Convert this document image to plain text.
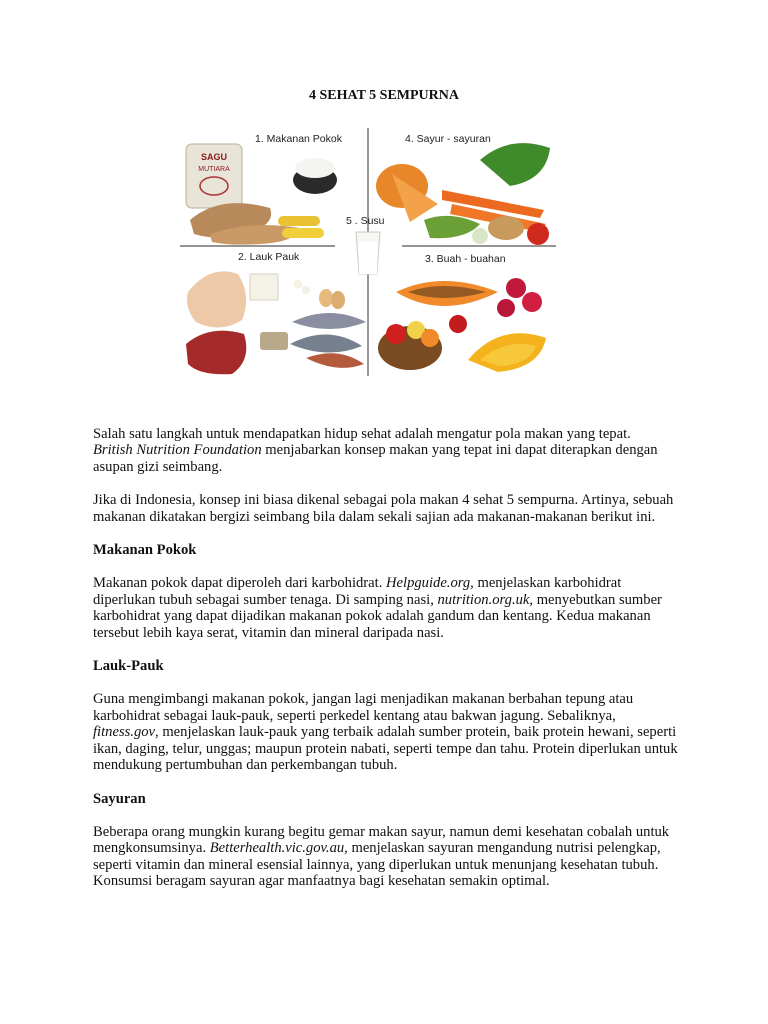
4 SEHAT 5 SEMPURNA
SAGU
MUTIARA
1. Makanan Pokok	4. Sayur - sayuran
5 . Susu
2. Lauk Pauk	3. Buah - buahan

Salah satu langkah untuk mendapatkan hidup sehat adalah mengatur pola makan yang tepat.
British Nutrition Foundation menjabarkan konsep makan yang tepat ini dapat diterapkan dengan asupan gizi seimbang.

Jika di Indonesia, konsep ini biasa dikenal sebagai pola makan 4 sehat 5 sempurna. Artinya, sebuah makanan dikatakan bergizi seimbang bila dalam sekali sajian ada makanan-makanan berikut ini.

Makanan Pokok

Makanan pokok dapat diperoleh dari karbohidrat. Helpguide.org, menjelaskan karbohidrat diperlukan tubuh sebagai sumber tenaga. Di samping nasi, nutrition.org.uk, menyebutkan sumber karbohidrat yang dapat dijadikan makanan pokok adalah gandum dan kentang. Kedua makanan tersebut lebih kaya serat, vitamin dan mineral daripada nasi.

Lauk-Pauk

Guna mengimbangi makanan pokok, jangan lagi menjadikan makanan berbahan tepung atau karbohidrat sebagai lauk-pauk, seperti perkedel kentang atau bakwan jagung. Sebaliknya, fitness.gov, menjelaskan lauk-pauk yang terbaik adalah sumber protein, baik protein hewani, seperti ikan, daging, telur, unggas; maupun protein nabati, seperti tempe dan tahu. Protein diperlukan untuk mendukung pertumbuhan dan perkembangan tubuh.

Sayuran

Beberapa orang mungkin kurang begitu gemar makan sayur, namun demi kesehatan cobalah untuk mengkonsumsinya. Betterhealth.vic.gov.au, menjelaskan sayuran mengandung nutrisi pelengkap, seperti vitamin dan mineral esensial lainnya, yang diperlukan untuk menunjang kesehatan tubuh. Konsumsi beragam sayuran agar manfaatnya bagi kesehatan semakin optimal.
